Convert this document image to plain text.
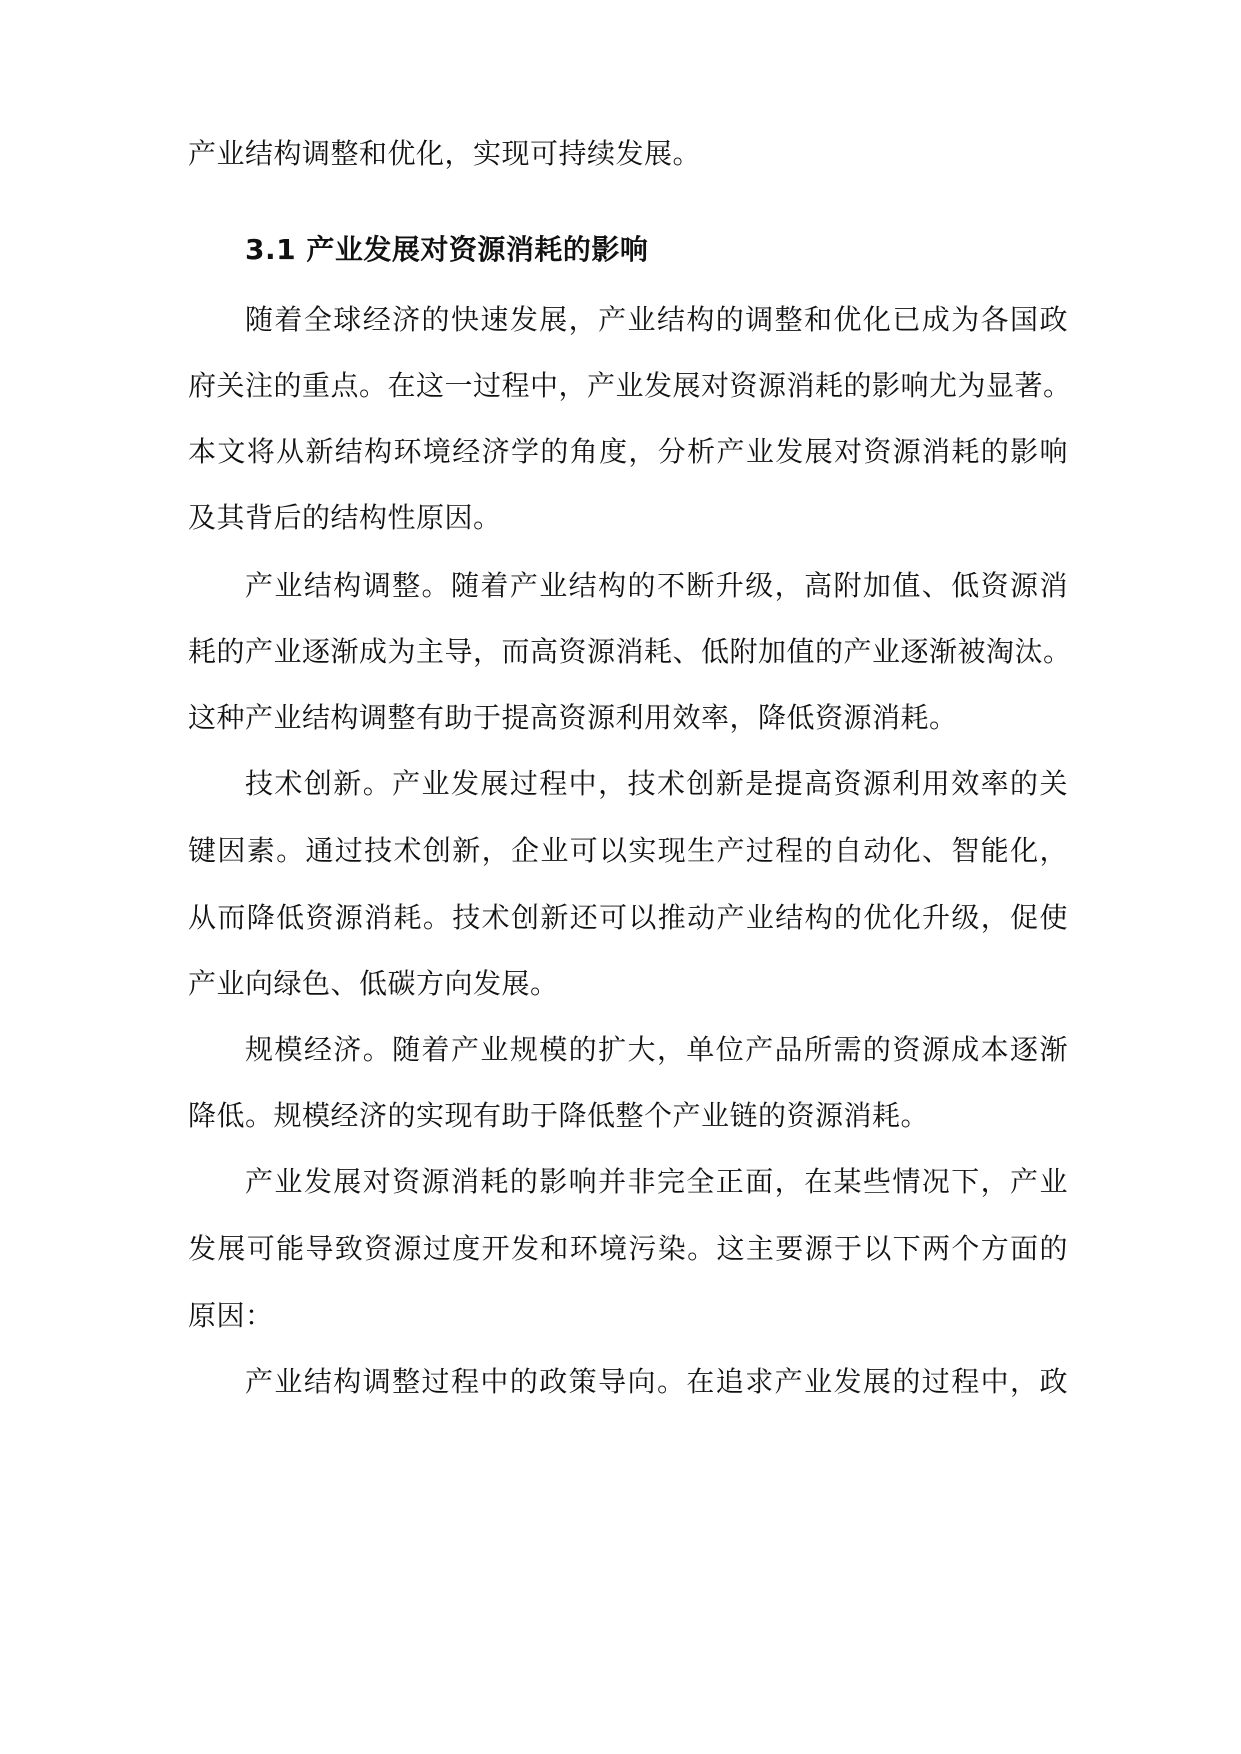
产业结构调整和优化，实现可持续发展。
3.1 产业发展对资源消耗的影响
随着全球经济的快速发展，产业结构的调整和优化已成为各国政
府关注的重点。在这一过程中，产业发展对资源消耗的影响尤为显著。
本文将从新结构环境经济学的角度，分析产业发展对资源消耗的影响
及其背后的结构性原因。
产业结构调整。随着产业结构的不断升级，高附加值、低资源消
耗的产业逐渐成为主导，而高资源消耗、低附加值的产业逐渐被淘汰。
这种产业结构调整有助于提高资源利用效率，降低资源消耗。
技术创新。产业发展过程中，技术创新是提高资源利用效率的关
键因素。通过技术创新，企业可以实现生产过程的自动化、智能化，
从而降低资源消耗。技术创新还可以推动产业结构的优化升级，促使
产业向绿色、低碳方向发展。
规模经济。随着产业规模的扩大，单位产品所需的资源成本逐渐
降低。规模经济的实现有助于降低整个产业链的资源消耗。
产业发展对资源消耗的影响并非完全正面，在某些情况下，产业
发展可能导致资源过度开发和环境污染。这主要源于以下两个方面的
原因：
产业结构调整过程中的政策导向。在追求产业发展的过程中，政
